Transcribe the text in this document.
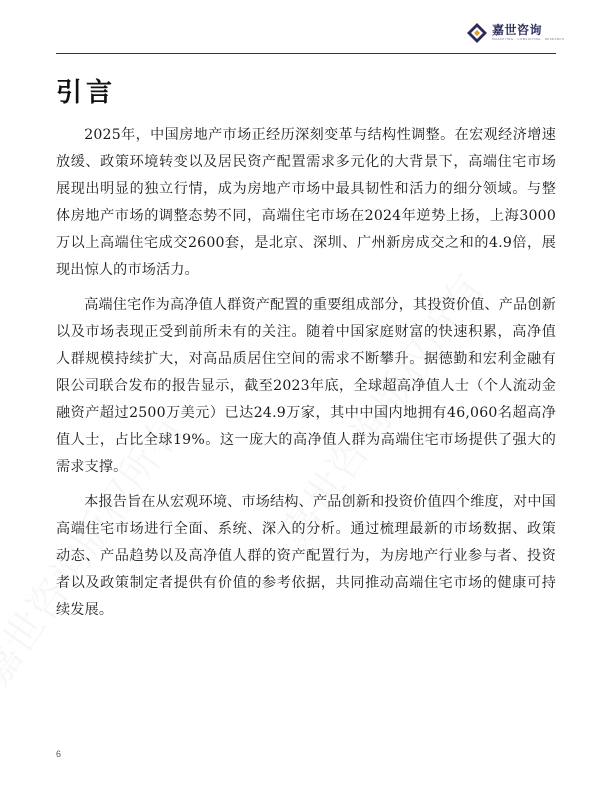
嘉世咨询
MARKETING · CONSULTING · RESEARCH
引言

2025年，中国房地产市场正经历深刻变革与结构性调整。在宏观经济增速放缓、政策环境转变以及居民资产配置需求多元化的大背景下，高端住宅市场展现出明显的独立行情，成为房地产市场中最具韧性和活力的细分领域。与整体房地产市场的调整态势不同，高端住宅市场在2024年逆势上扬，上海3000万以上高端住宅成交2600套，是北京、深圳、广州新房成交之和的4.9倍，展现出惊人的市场活力。

高端住宅作为高净值人群资产配置的重要组成部分，其投资价值、产品创新以及市场表现正受到前所未有的关注。随着中国家庭财富的快速积累，高净值人群规模持续扩大，对高品质居住空间的需求不断攀升。据德勤和宏利金融有限公司联合发布的报告显示，截至2023年底，全球超高净值人士（个人流动金融资产超过2500万美元）已达24.9万家，其中中国内地拥有46,060名超高净值人士，占比全球19%。这一庞大的高净值人群为高端住宅市场提供了强大的需求支撑。

本报告旨在从宏观环境、市场结构、产品创新和投资价值四个维度，对中国高端住宅市场进行全面、系统、深入的分析。通过梳理最新的市场数据、政策动态、产品趋势以及高净值人群的资产配置行为，为房地产行业参与者、投资者以及政策制定者提供有价值的参考依据，共同推动高端住宅市场的健康可持续发展。

6
